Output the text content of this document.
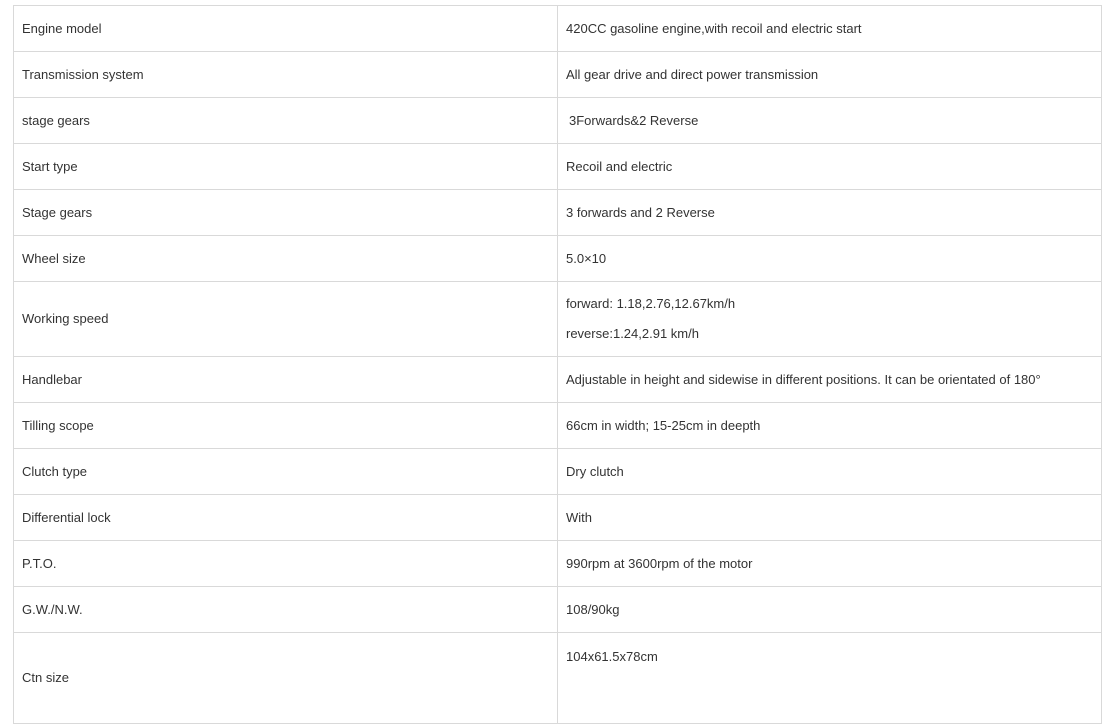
Engine model	420CC gasoline engine,with recoil and electric start

Transmission system	All gear drive and direct power transmission

stage gears	3Forwards&2 Reverse

Start type	Recoil and electric

Stage gears	3 forwards and 2 Reverse

Wheel size	5.0×10

Working speed	forward: 1.18,2.76,12.67km/h
reverse:1.24,2.91 km/h

Handlebar	Adjustable in height and sidewise in different positions. It can be orientated of 180°

Tilling scope	66cm in width; 15-25cm in deepth

Clutch type	Dry clutch

Differential lock	With

P.T.O.	990rpm at 3600rpm of the motor

G.W./N.W.	108/90kg

Ctn size	104x61.5x78cm
